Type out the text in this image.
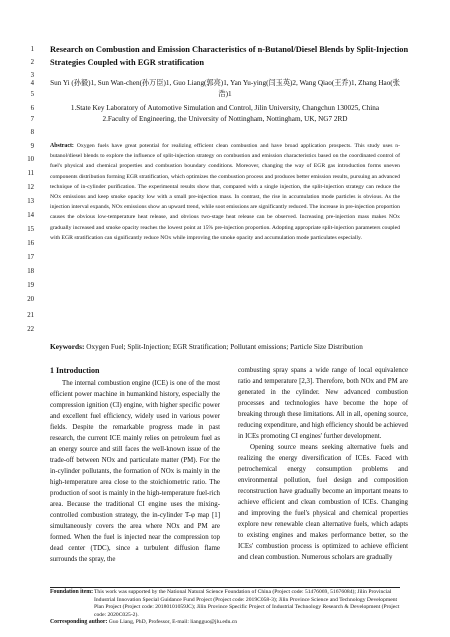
1
2
3
4
5
6
7
8
9
10
11
12
13
14
15
16
17
18
19
20
21
22
Research on Combustion and Emission Characteristics of n-Butanol/Diesel Blends by Split-Injection Strategies Coupled with EGR stratification
Sun Yi (孙毅)1, Sun Wan-chen(孙万臣)1, Guo Liang(郭亮)1, Yan Yu-ying(闫玉英)2, Wang Qiao(王乔)1, Zhang Hao(张浩)1
1.State Key Laboratory of Automotive Simulation and Control, Jilin University, Changchun 130025, China
2.Faculty of Engineering, the University of Nottingham, Nottingham, UK, NG7 2RD
Abstract: Oxygen fuels have great potential for realizing efficient clean combustion and have broad application prospects. This study uses n-butanol/diesel blends to explore the influence of split-injection strategy on combustion and emission characteristics based on the coordinated control of fuel's physical and chemical properties and combustion boundary conditions. Moreover, changing the way of EGR gas introduction forms uneven components distribution forming EGR stratification, which optimizes the combustion process and produces better emission results, pursuing an advanced technique of in-cylinder purification. The experimental results show that, compared with a single injection, the split-injection strategy can reduce the NOx emissions and keep smoke opacity low with a small pre-injection mass. In contrast, the rise in accumulation mode particles is obvious. As the injection interval expands, NOx emissions show an upward trend, while soot emissions are significantly reduced. The increase in pre-injection proportion causes the obvious low-temperature heat release, and obvious two-stage heat release can be observed. Increasing pre-injection mass makes NOx gradually increased and smoke opacity reaches the lowest point at 15% pre-injection proportion. Adopting appropriate split-injection parameters coupled with EGR stratification can significantly reduce NOx while improving the smoke opacity and accumulation mode particulates especially.
Keywords: Oxygen Fuel; Split-Injection; EGR Stratification; Pollutant emissions; Particle Size Distribution
1 Introduction

The internal combustion engine (ICE) is one of the most efficient power machine in humankind history, especially the compression ignition (CI) engine, with higher specific power and excellent fuel efficiency, widely used in various power fields. Despite the remarkable progress made in past research, the current ICE mainly relies on petroleum fuel as an energy source and still faces the well-known issue of the trade-off between NOx and particulate matter (PM). For the in-cylinder pollutants, the formation of NOx is mainly in the high-temperature area close to the stoichiometric ratio. The production of soot is mainly in the high-temperature fuel-rich area. Because the traditional CI engine uses the mixing-controlled combustion strategy, the in-cylinder T-φ map [1] simultaneously covers the area where NOx and PM are formed. When the fuel is injected near the compression top dead center (TDC), since a turbulent diffusion flame surrounds the spray, the

combusting spray spans a wide range of local equivalence ratio and temperature [2,3]. Therefore, both NOx and PM are generated in the cylinder. New advanced combustion processes and technologies have become the hope of breaking through these limitations. All in all, opening source, reducing expenditure, and high efficiency should be achieved in ICEs promoting CI engines' further development.

Opening source means seeking alternative fuels and realizing the energy diversification of ICEs. Faced with petrochemical energy consumption problems and environmental pollution, fuel design and composition reconstruction have gradually become an important means to achieve efficient and clean combustion of ICEs. Changing and improving the fuel's physical and chemical properties explore new renewable clean alternative fuels, which adapts to existing engines and makes performance better, so the ICEs' combustion process is optimized to achieve efficient and clean combustion. Numerous scholars are gradually

Foundation item: This work was supported by the National Natural Science Foundation of China (Project code: 51476069, 51676084); Jilin Provincial Industrial Innovation Special Guidance Fund Project (Project code: 2019C058-3); Jilin Province Science and Technology Development Plan Project (Project code: 20180101059JC); Jilin Province Specific Project of Industrial Technology Research & Development (Project code: 2020C025-2).
Corresponding author: Guo Liang, PhD, Professor, E-mail: liangguo@jlu.edu.cn
